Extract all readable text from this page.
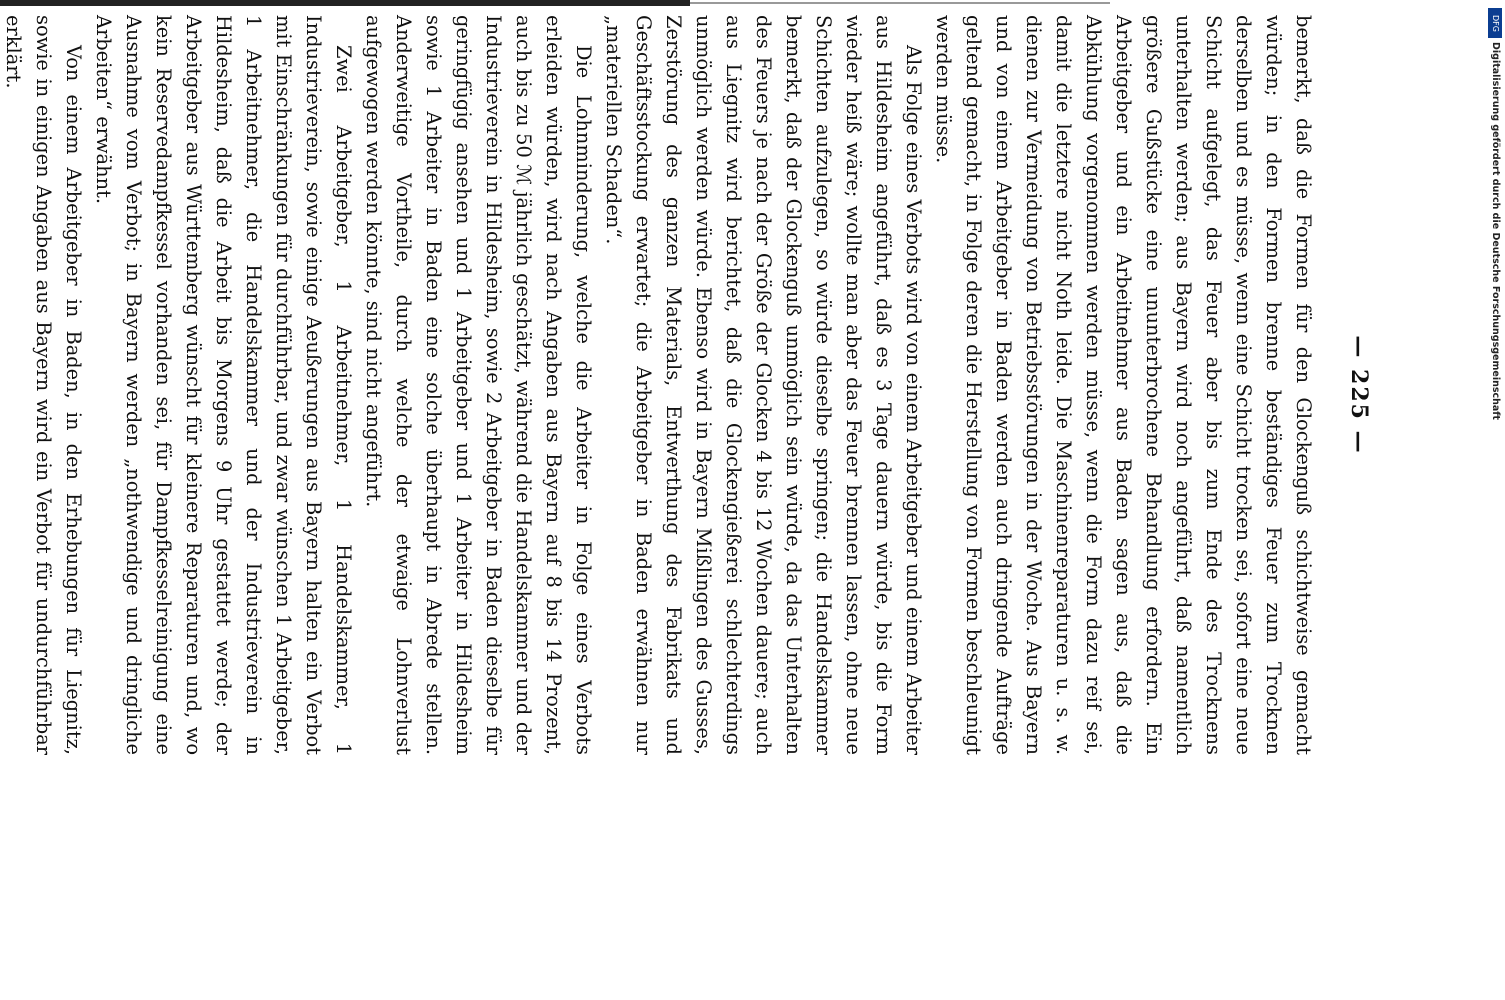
— 225 —

bemerkt, daß die Formen für den Glockenguß schichtweise gemacht würden; in den Formen brenne beständiges Feuer zum Trocknen derselben und es müsse, wenn eine Schicht trocken sei, sofort eine neue Schicht aufgelegt, das Feuer aber bis zum Ende des Trocknens unterhalten werden; aus Bayern wird noch angeführt, daß namentlich größere Gußstücke eine ununterbrochene Behandlung erfordern. Ein Arbeitgeber und ein Arbeitnehmer aus Baden sagen aus, daß die Abkühlung vorgenommen werden müsse, wenn die Form dazu reif sei, damit die letztere nicht Noth leide. Die Maschinenreparaturen u. s. w. dienen zur Vermeidung von Betriebsstörungen in der Woche. Aus Bayern und von einem Arbeitgeber in Baden werden auch dringende Aufträge geltend gemacht, in Folge deren die Herstellung von Formen beschleunigt werden müsse.

Als Folge eines Verbots wird von einem Arbeitgeber und einem Arbeiter aus Hildesheim angeführt, daß es 3 Tage dauern würde, bis die Form wieder heiß wäre; wollte man aber das Feuer brennen lassen, ohne neue Schichten aufzulegen, so würde dieselbe springen; die Handelskammer bemerkt, daß der Glockenguß unmöglich sein würde, da das Unterhalten des Feuers je nach der Größe der Glocken 4 bis 12 Wochen dauere; auch aus Liegnitz wird berichtet, daß die Glockengießerei schlechterdings unmöglich werden würde. Ebenso wird in Bayern Mißlingen des Gusses, Zerstörung des ganzen Materials, Entwerthung des Fabrikats und Geschäftsstockung erwartet; die Arbeitgeber in Baden erwähnen nur „materiellen Schaden“.

Die Lohnminderung, welche die Arbeiter in Folge eines Verbots erleiden würden, wird nach Angaben aus Bayern auf 8 bis 14 Prozent, auch bis zu 50 ℳ jährlich geschätzt, während die Handelskammer und der Industrieverein in Hildesheim, sowie 2 Arbeitgeber in Baden dieselbe für geringfügig ansehen und 1 Arbeitgeber und 1 Arbeiter in Hildesheim sowie 1 Arbeiter in Baden eine solche überhaupt in Abrede stellen. Anderweitige Vortheile, durch welche der etwaige Lohnverlust aufgewogen werden könnte, sind nicht angeführt.

Zwei Arbeitgeber, 1 Arbeitnehmer, 1 Handelskammer, 1 Industrieverein, sowie einige Aeußerungen aus Bayern halten ein Verbot mit Einschränkungen für durchführbar, und zwar wünschen 1 Arbeitgeber, 1 Arbeitnehmer, die Handelskammer und der Industrieverein in Hildesheim, daß die Arbeit bis Morgens 9 Uhr gestattet werde; der Arbeitgeber aus Württemberg wünscht für kleinere Reparaturen und, wo kein Reservedampfkessel vorhanden sei, für Dampfkesselreinigung eine Ausnahme vom Verbot; in Bayern werden „nothwendige und dringliche Arbeiten“ erwähnt.

Von einem Arbeitgeber in Baden, in den Erhebungen für Liegnitz, sowie in einigen Angaben aus Bayern wird ein Verbot für undurchführbar erklärt.	DFG
Digitalisierung gefördert durch die Deutsche Forschungsgemeinschaft
